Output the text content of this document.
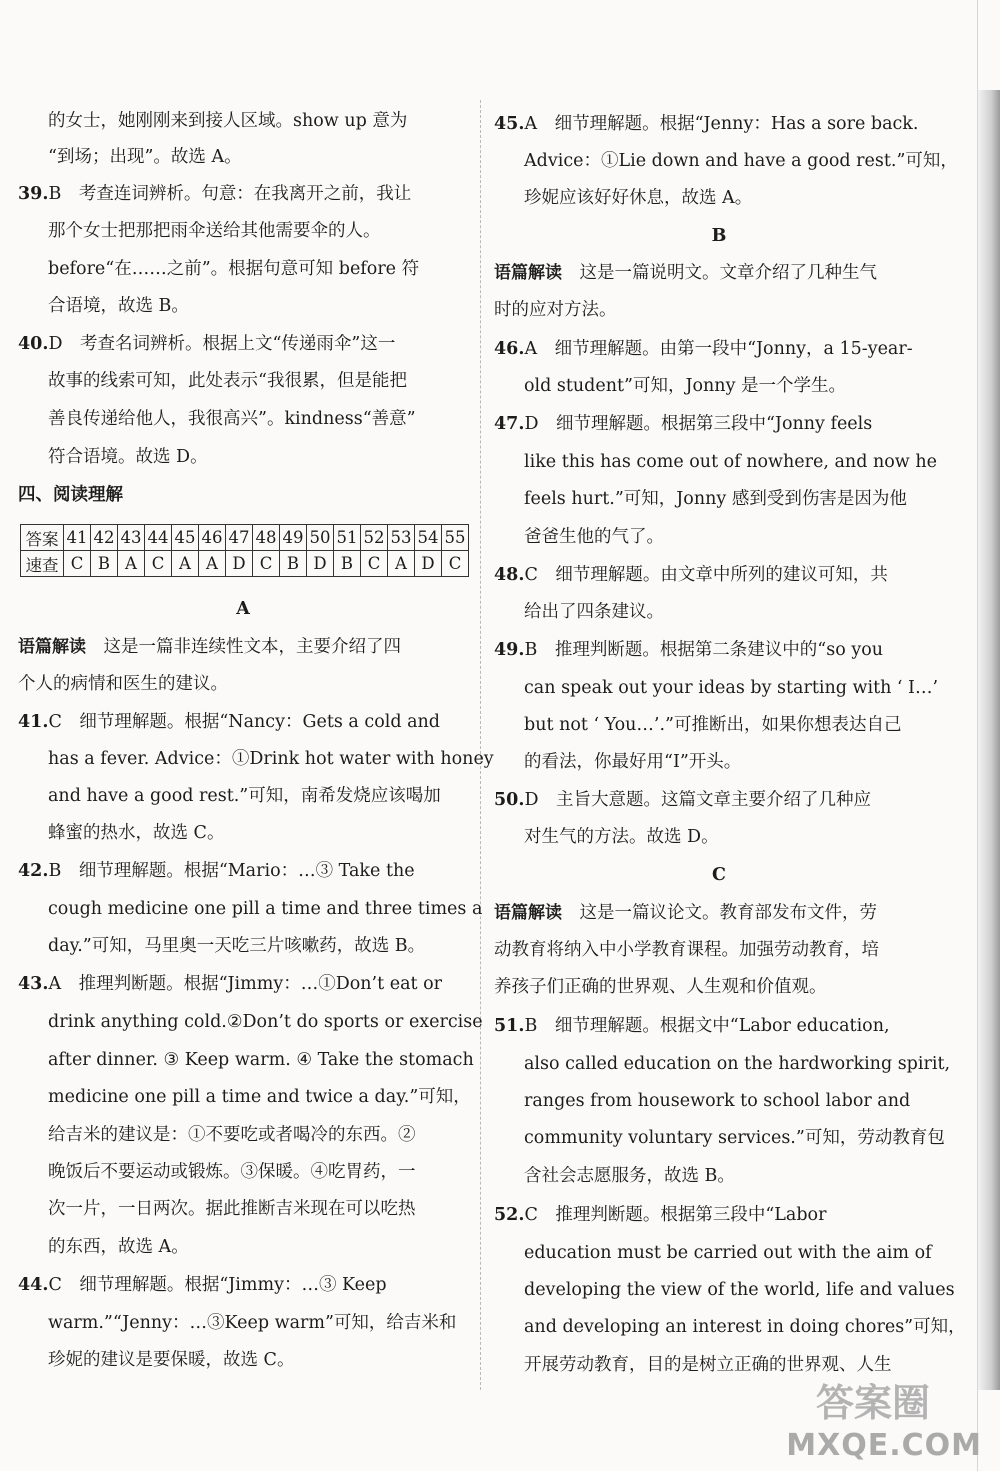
的女士，她刚刚来到接人区域。show up 意为
“到场；出现”。故选 A。
39.B　考查连词辨析。句意：在我离开之前，我让
那个女士把那把雨伞送给其他需要伞的人。
before“在……之前”。根据句意可知 before 符
合语境，故选 B。
40.D　考查名词辨析。根据上文“传递雨伞”这一
故事的线索可知，此处表示“我很累，但是能把
善良传递给他人，我很高兴”。kindness“善意”
符合语境。故选 D。
四、阅读理解
A
语篇解读　这是一篇非连续性文本，主要介绍了四
个人的病情和医生的建议。
41.C　细节理解题。根据“Nancy：Gets a cold and
has a fever. Advice：①Drink hot water with honey
and have a good rest.”可知，南希发烧应该喝加
蜂蜜的热水，故选 C。
42.B　细节理解题。根据“Mario：…③ Take the
cough medicine one pill a time and three times a
day.”可知，马里奥一天吃三片咳嗽药，故选 B。
43.A　推理判断题。根据“Jimmy：…①Don’t eat or
drink anything cold.②Don’t do sports or exercise
after dinner. ③ Keep warm. ④ Take the stomach
medicine one pill a time and twice a day.”可知，
给吉米的建议是：①不要吃或者喝冷的东西。②
晚饭后不要运动或锻炼。③保暖。④吃胃药，一
次一片，一日两次。据此推断吉米现在可以吃热
的东西，故选 A。
44.C　细节理解题。根据“Jimmy：…③ Keep
warm.”“Jenny：…③Keep warm”可知，给吉米和
珍妮的建议是要保暖，故选 C。
45.A　细节理解题。根据“Jenny：Has a sore back.
Advice：①Lie down and have a good rest.”可知，
珍妮应该好好休息，故选 A。
B
语篇解读　这是一篇说明文。文章介绍了几种生气
时的应对方法。
46.A　细节理解题。由第一段中“Jonny，a 15-year-
old student”可知，Jonny 是一个学生。
47.D　细节理解题。根据第三段中“Jonny feels
like this has come out of nowhere, and now he
feels hurt.”可知，Jonny 感到受到伤害是因为他
爸爸生他的气了。
48.C　细节理解题。由文章中所列的建议可知，共
给出了四条建议。
49.B　推理判断题。根据第二条建议中的“so you
can speak out your ideas by starting with ‘ I…’
but not ‘ You…’.”可推断出，如果你想表达自己
的看法，你最好用“I”开头。
50.D　主旨大意题。这篇文章主要介绍了几种应
对生气的方法。故选 D。
C
语篇解读　这是一篇议论文。教育部发布文件，劳
动教育将纳入中小学教育课程。加强劳动教育，培
养孩子们正确的世界观、人生观和价值观。
51.B　细节理解题。根据文中“Labor education,
also called education on the hardworking spirit,
ranges from housework to school labor and
community voluntary services.”可知，劳动教育包
含社会志愿服务，故选 B。
52.C　推理判断题。根据第三段中“Labor
education must be carried out with the aim of
developing the view of the world, life and values
and developing an interest in doing chores”可知，
开展劳动教育，目的是树立正确的世界观、人生
答案	41	42	43	44	45	46	47	48	49	50	51	52	53	54	55
速查	C	B	A	C	A	A	D	C	B	D	B	C	A	D	C
答案圈
MXQE.COM
